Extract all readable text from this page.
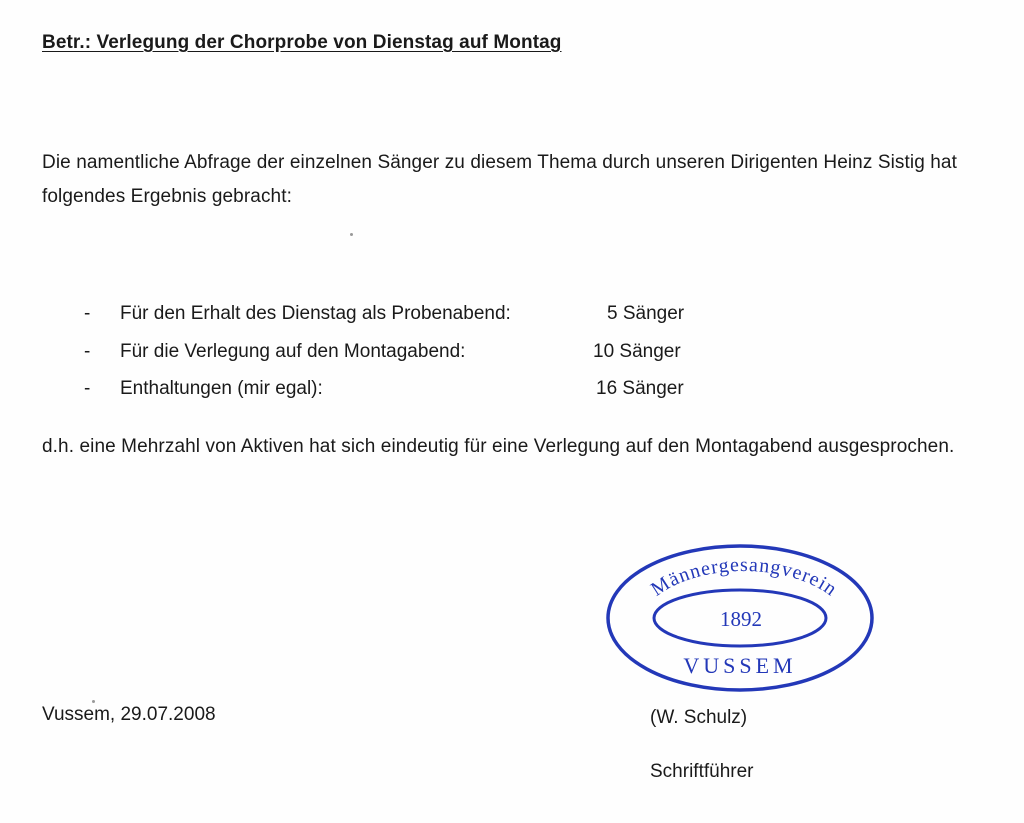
Betr.: Verlegung der Chorprobe von Dienstag auf Montag
Die namentliche Abfrage der einzelnen Sänger zu diesem Thema durch unseren Dirigenten Heinz Sistig hat folgendes Ergebnis gebracht:
- Für den Erhalt des Dienstag als Probenabend:	5 Sänger
- Für die Verlegung auf den Montagabend:	10 Sänger
- Enthaltungen (mir egal):	16 Sänger
d.h. eine Mehrzahl von Aktiven hat sich eindeutig für eine Verlegung auf den Montagabend ausgesprochen.
Männergesangverein
1892
VUSSEM
Vussem, 29.07.2008	(W. Schulz)
Schriftführer
